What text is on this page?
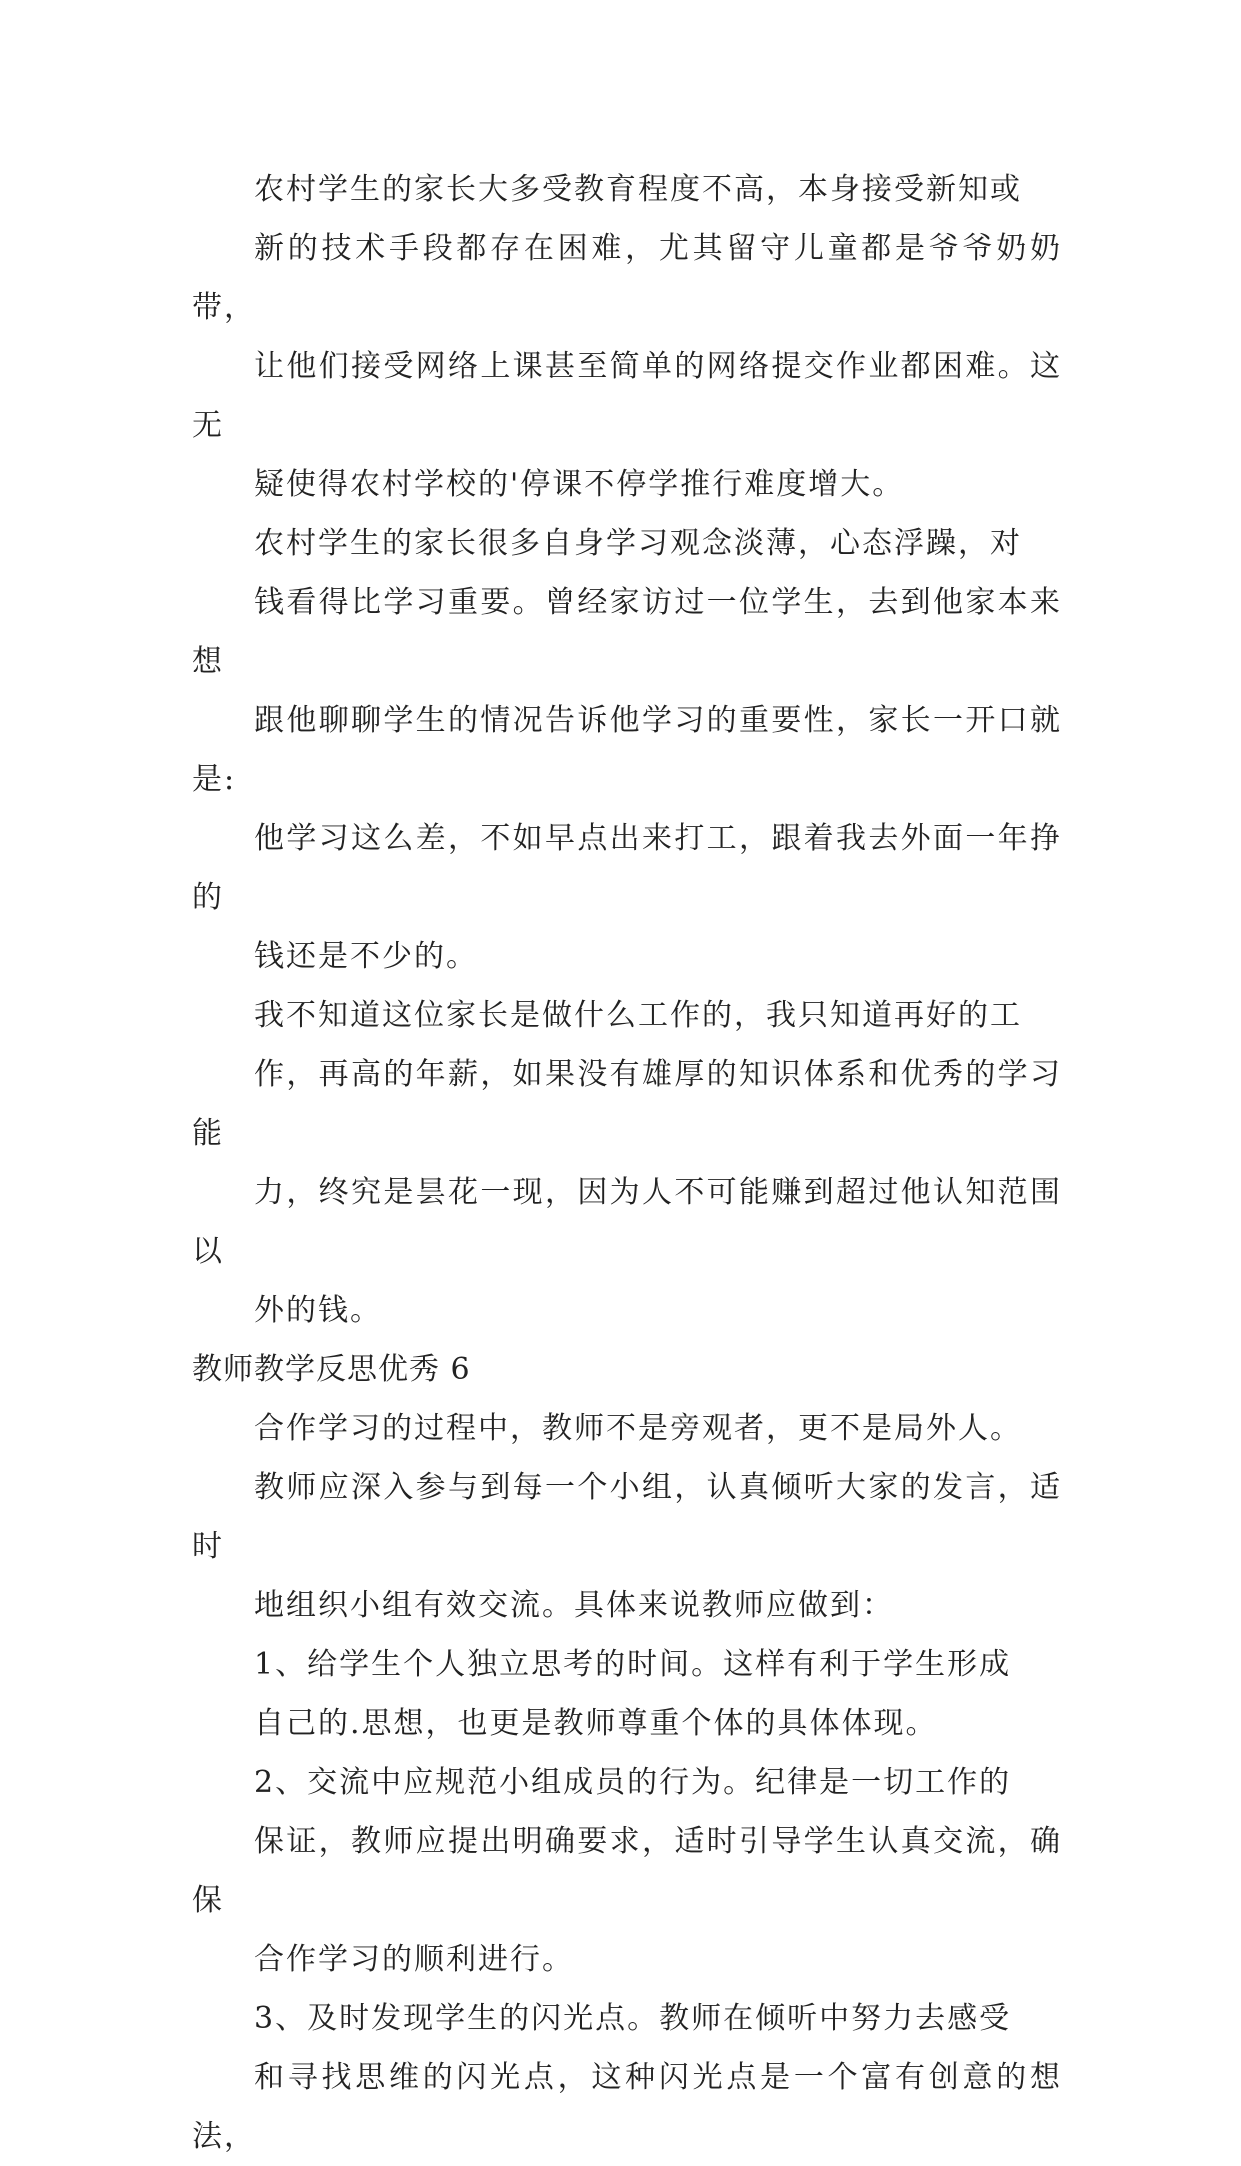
农村学生的家长大多受教育程度不高，本身接受新知或
新的技术手段都存在困难，尤其留守儿童都是爷爷奶奶带，
让他们接受网络上课甚至简单的网络提交作业都困难。这无
疑使得农村学校的'停课不停学推行难度增大。

农村学生的家长很多自身学习观念淡薄，心态浮躁，对
钱看得比学习重要。曾经家访过一位学生，去到他家本来想
跟他聊聊学生的情况告诉他学习的重要性，家长一开口就是:
他学习这么差，不如早点出来打工，跟着我去外面一年挣的
钱还是不少的。

我不知道这位家长是做什么工作的，我只知道再好的工
作，再高的年薪，如果没有雄厚的知识体系和优秀的学习能
力，终究是昙花一现，因为人不可能赚到超过他认知范围以
外的钱。

教师教学反思优秀 6

合作学习的过程中，教师不是旁观者，更不是局外人。
教师应深入参与到每一个小组，认真倾听大家的发言，适时
地组织小组有效交流。具体来说教师应做到：

1、给学生个人独立思考的时间。这样有利于学生形成
自己的.思想，也更是教师尊重个体的具体体现。

2、交流中应规范小组成员的行为。纪律是一切工作的
保证，教师应提出明确要求，适时引导学生认真交流，确保
合作学习的顺利进行。

3、及时发现学生的闪光点。教师在倾听中努力去感受
和寻找思维的闪光点，这种闪光点是一个富有创意的想法，
